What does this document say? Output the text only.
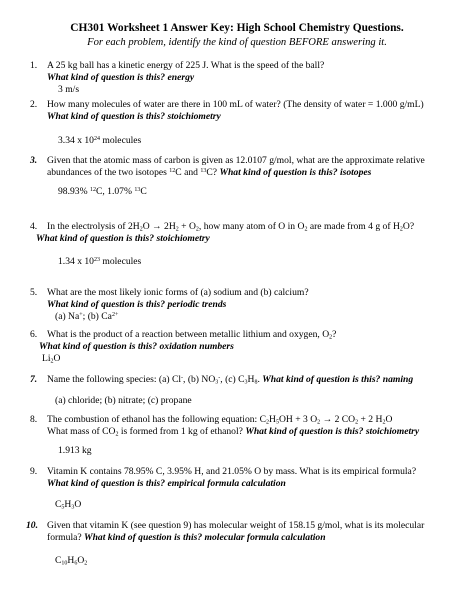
CH301 Worksheet 1 Answer Key: High School Chemistry Questions.
For each problem, identify the kind of question BEFORE answering it.
1.	A 25 kg ball has a kinetic energy of 225 J. What is the speed of the ball?
What kind of question is this? energy
3 m/s
2.	How many molecules of water are there in 100 mL of water? (The density of water = 1.000 g/mL)
What kind of question is this? stoichiometry
3.34 x $10^{24}$ molecules
3.	Given that the atomic mass of carbon is given as 12.0107 g/mol, what are the approximate relative
abundances of the two isotopes $^{12}$C and $^{13}$C? What kind of question is this? isotopes
98.93% $^{12}$C, 1.07% $^{13}$C
4.	In the electrolysis of $2H_2O \to 2H_2 + O_2$, how many atom of O in $O_2$ are made from 4 g of $H_2O$?
What kind of question is this? stoichiometry
1.34 x $10^{23}$ molecules
5.	What are the most likely ionic forms of (a) sodium and (b) calcium?
What kind of question is this? periodic trends
(a) Na+; (b) $Ca^{2+}$
6.	What is the product of a reaction between metallic lithium and oxygen, $O_2$?
What kind of question is this? oxidation numbers
$Li_2O$
7.	Name the following species: (a) Cl-, (b) $NO_3^-$, (c) $C_3H_8$. What kind of question is this? naming
(a) chloride; (b) nitrate; (c) propane
8.	The combustion of ethanol has the following equation: $C_2H_5OH + 3$ $O_2 \to 2$ $CO_2 + 2$ $H_2O$
What mass of $CO_2$ is formed from 1 kg of ethanol? What kind of question is this? stoichiometry
1.913 kg
9.	Vitamin K contains 78.95% C, 3.95% H, and 21.05% O by mass. What is its empirical formula?
What kind of question is this? empirical formula calculation
$C_5H_3O$
10. Given that vitamin K (see question 9) has molecular weight of 158.15 g/mol, what is its molecular
formula? What kind of question is this? molecular formula calculation
$C_{10}H_6O_2$
